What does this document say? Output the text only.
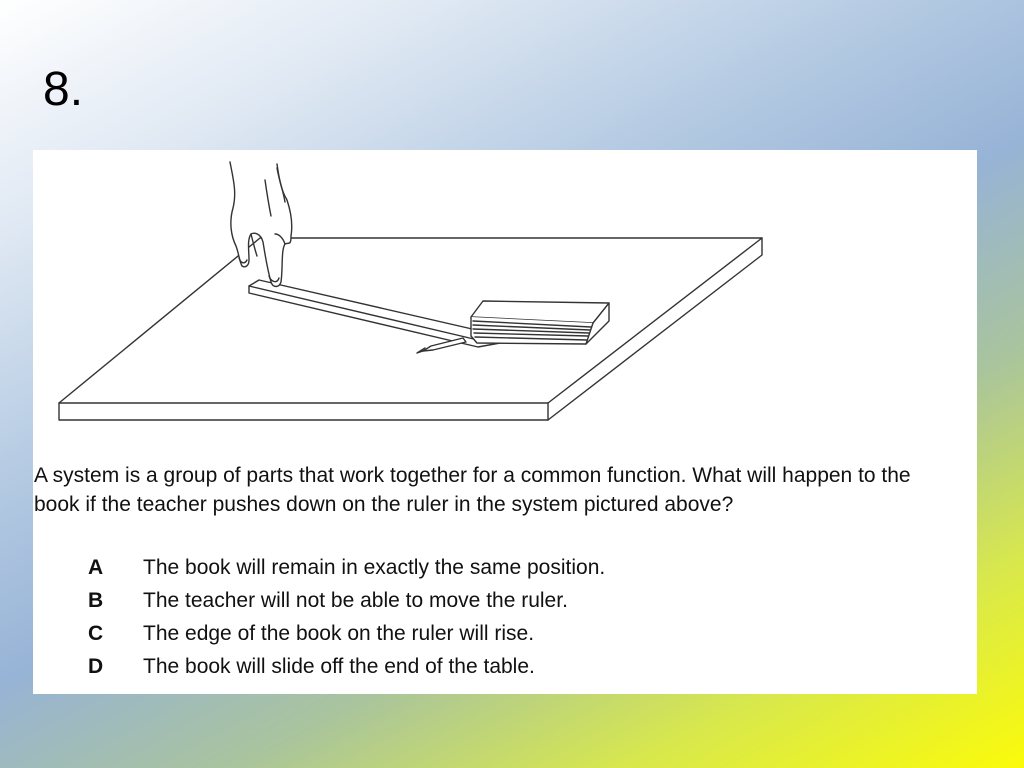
8.
A system is a group of parts that work together for a common function. What will happen to the book if the teacher pushes down on the ruler in the system pictured above?
A	The book will remain in exactly the same position.
B	The teacher will not be able to move the ruler.
C	The edge of the book on the ruler will rise.
D	The book will slide off the end of the table.
